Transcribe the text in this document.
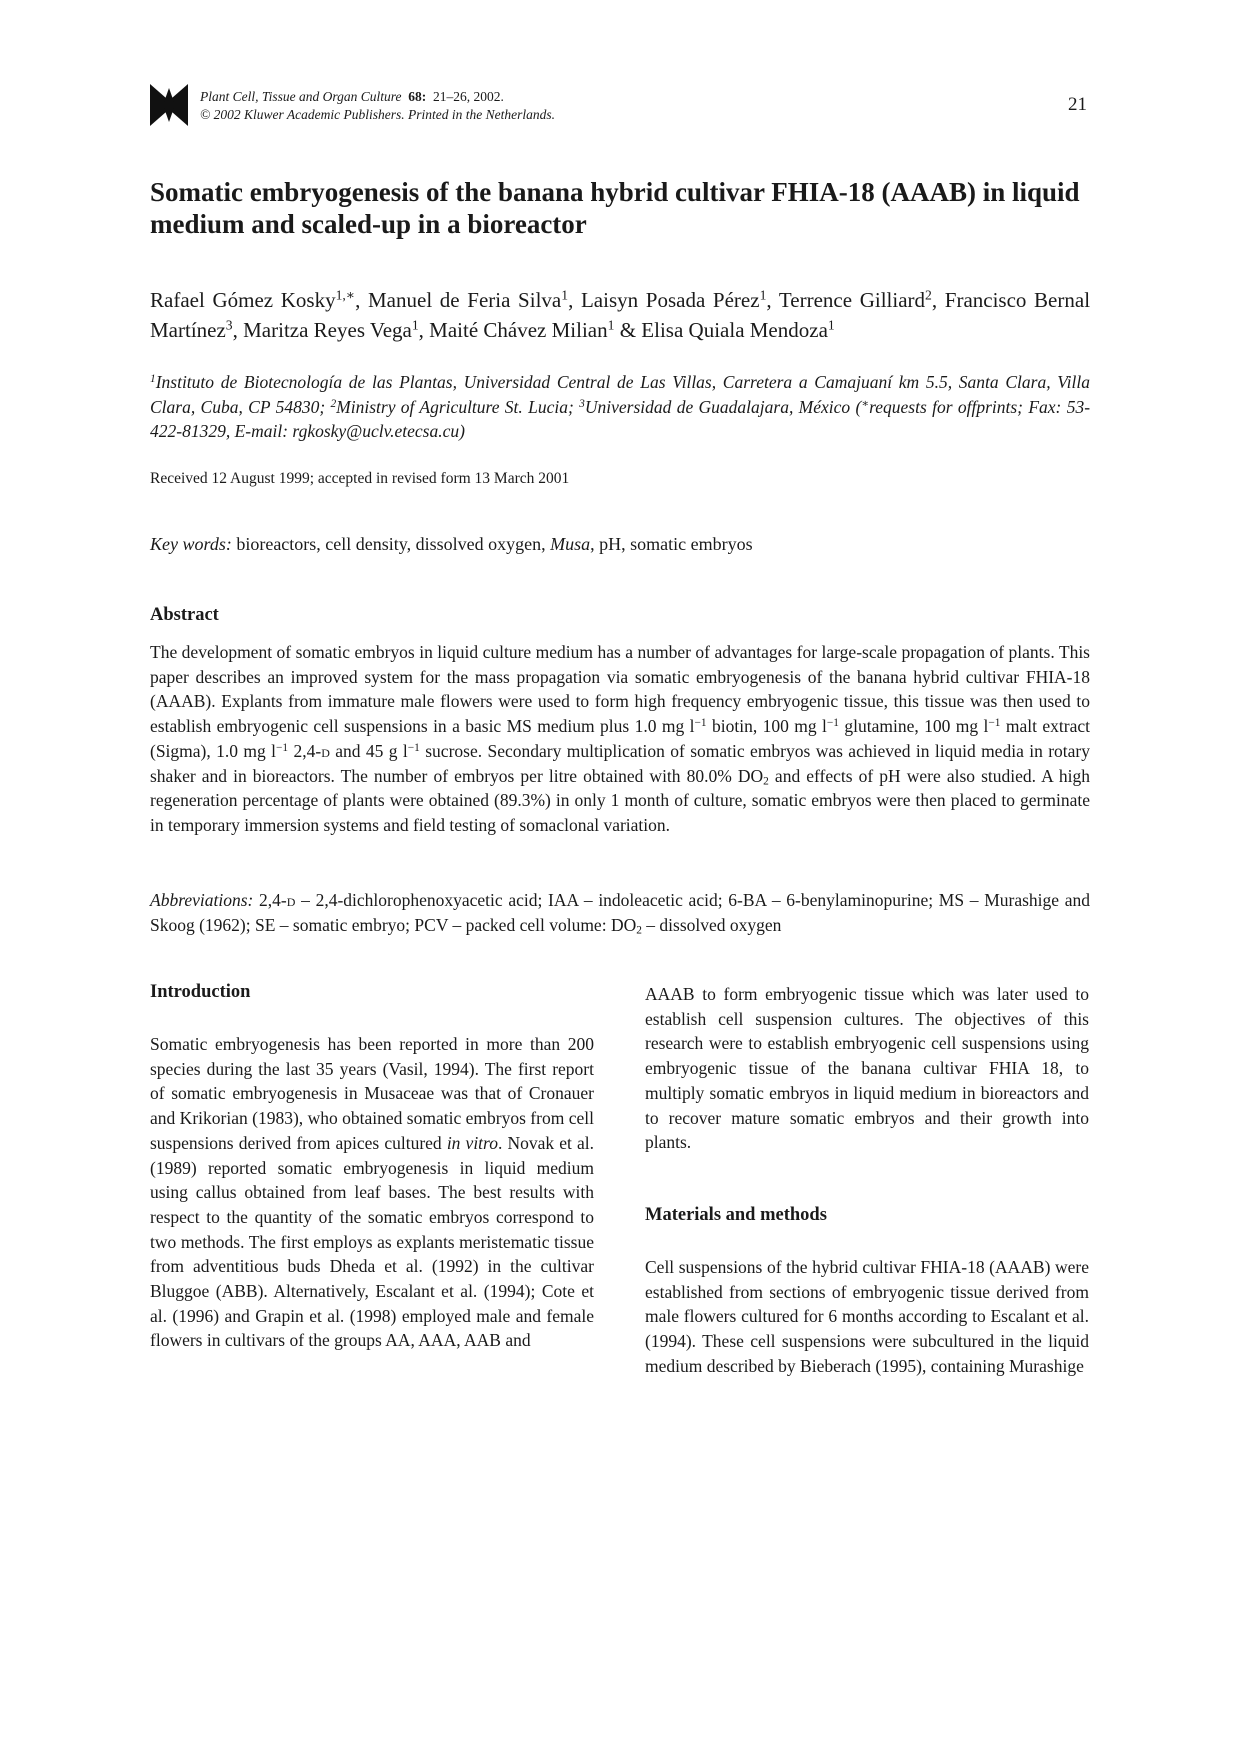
Plant Cell, Tissue and Organ Culture 68: 21–26, 2002.
© 2002 Kluwer Academic Publishers. Printed in the Netherlands.	21
Somatic embryogenesis of the banana hybrid cultivar FHIA-18 (AAAB) in liquid medium and scaled-up in a bioreactor
Rafael Gómez Kosky$^{1,∗}$, Manuel de Feria Silva$^1$, Laisyn Posada Pérez$^1$, Terrence Gilliard$^2$, Francisco Bernal Martínez$^3$, Maritza Reyes Vega$^1$, Maité Chávez Milian$^1$ & Elisa Quiala Mendoza$^1$
$^1$Instituto de Biotecnología de las Plantas, Universidad Central de Las Villas, Carretera a Camajuaní km 5.5, Santa Clara, Villa Clara, Cuba, CP 54830; $^2$Ministry of Agriculture St. Lucia; $^3$Universidad de Guadalajara, México (∗requests for offprints; Fax: 53-422-81329, E-mail: rgkosky@uclv.etecsa.cu)
Received 12 August 1999; accepted in revised form 13 March 2001
Key words: bioreactors, cell density, dissolved oxygen, Musa, pH, somatic embryos
Abstract
The development of somatic embryos in liquid culture medium has a number of advantages for large-scale propagation of plants. This paper describes an improved system for the mass propagation via somatic embryogenesis of the banana hybrid cultivar FHIA-18 (AAAB). Explants from immature male flowers were used to form high frequency embryogenic tissue, this tissue was then used to establish embryogenic cell suspensions in a basic MS medium plus 1.0 mg $l^{-1}$ biotin, 100 mg $l^{-1}$ glutamine, 100 mg $l^{-1}$ malt extract (Sigma), 1.0 mg $l^{-1}$ 2,4-d and 45 g $l^{-1}$ sucrose. Secondary multiplication of somatic embryos was achieved in liquid media in rotary shaker and in bioreactors. The number of embryos per litre obtained with 80.0% $DO_2$ and effects of pH were also studied. A high regeneration percentage of plants were obtained (89.3%) in only 1 month of culture, somatic embryos were then placed to germinate in temporary immersion systems and field testing of somaclonal variation.
Abbreviations: 2,4-d – 2,4-dichlorophenoxyacetic acid; IAA – indoleacetic acid; 6-BA – 6-benylaminopurine; MS – Murashige and Skoog (1962); SE – somatic embryo; PCV – packed cell volume: $DO_2$ – dissolved oxygen
Introduction
Somatic embryogenesis has been reported in more than 200 species during the last 35 years (Vasil, 1994). The first report of somatic embryogenesis in Musaceae was that of Cronauer and Krikorian (1983), who obtained somatic embryos from cell suspensions derived from apices cultured in vitro. Novak et al. (1989) reported somatic embryogenesis in liquid medium using callus obtained from leaf bases. The best results with respect to the quantity of the somatic embryos correspond to two methods. The first employs as explants meristematic tissue from adventitious buds Dheda et al. (1992) in the cultivar Bluggoe (ABB). Alternatively, Escalant et al. (1994); Cote et al. (1996) and Grapin et al. (1998) employed male and female flowers in cultivars of the groups AA, AAA, AAB and
AAAB to form embryogenic tissue which was later used to establish cell suspension cultures. The objectives of this research were to establish embryogenic cell suspensions using embryogenic tissue of the banana cultivar FHIA 18, to multiply somatic embryos in liquid medium in bioreactors and to recover mature somatic embryos and their growth into plants.
Materials and methods
Cell suspensions of the hybrid cultivar FHIA-18 (AAAB) were established from sections of embryogenic tissue derived from male flowers cultured for 6 months according to Escalant et al. (1994). These cell suspensions were subcultured in the liquid medium described by Bieberach (1995), containing Murashige
